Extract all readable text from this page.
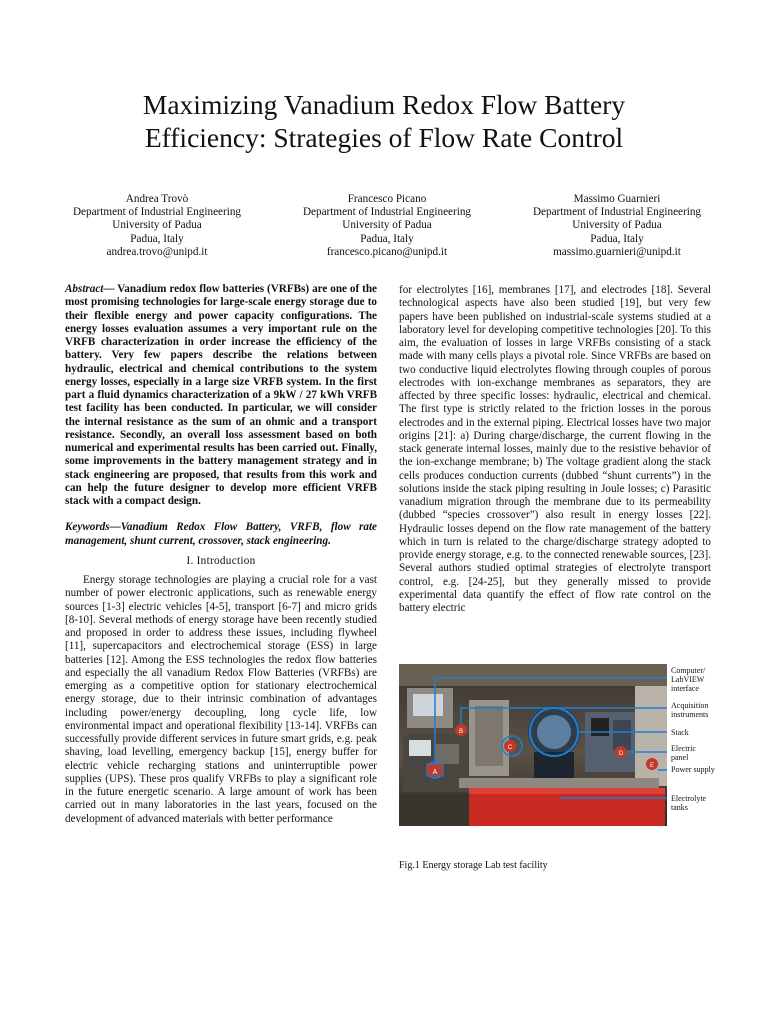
Maximizing Vanadium Redox Flow Battery
Efficiency: Strategies of Flow Rate Control
Andrea Trovò
Department of Industrial Engineering
University of Padua
Padua, Italy
andrea.trovo@unipd.it
Francesco Picano
Department of Industrial Engineering
University of Padua
Padua, Italy
francesco.picano@unipd.it
Massimo Guarnieri
Department of Industrial Engineering
University of Padua
Padua, Italy
massimo.guarnieri@unipd.it

Abstract— Vanadium redox flow batteries (VRFBs) are one of the most promising technologies for large-scale energy storage due to their flexible energy and power capacity configurations. The energy losses evaluation assumes a very important rule on the VRFB characterization in order increase the efficiency of the battery. Very few papers describe the relations between hydraulic, electrical and chemical contributions to the system energy losses, especially in a large size VRFB system. In the first part a fluid dynamics characterization of a 9kW / 27 kWh VRFB test facility has been conducted. In particular, we will consider the internal resistance as the sum of an ohmic and a transport resistance. Secondly, an overall loss assessment based on both numerical and experimental results has been carried out. Finally, some improvements in the battery management strategy and in stack engineering are proposed, that results from this work and can help the future designer to develop more efficient VRFB stack with a compact design.

Keywords—Vanadium Redox Flow Battery, VRFB, flow rate management, shunt current, crossover, stack engineering.

I. Introduction

Energy storage technologies are playing a crucial role for a vast number of power electronic applications, such as renewable energy sources [1-3] electric vehicles [4-5], transport [6-7] and micro grids [8-10]. Several methods of energy storage have been recently studied and proposed in order to address these issues, including flywheel [11], supercapacitors and electrochemical storage (ESS) in large batteries [12]. Among the ESS technologies the redox flow batteries and especially the all vanadium Redox Flow Batteries (VRFBs) are emerging as a competitive option for stationary electrochemical energy storage, due to their intrinsic combination of advantages including power/energy decoupling, long cycle life, low environmental impact and operational flexibility [13-14]. VRFBs can successfully provide different services in future smart grids, e.g. peak shaving, load levelling, emergency backup [15], energy buffer for electric vehicle recharging stations and uninterruptible power supplies (UPS). These pros qualify VRFBs to play a significant role in the future energetic scenario. A large amount of work has been carried out in many laboratories in the last years, focused on the development of advanced materials with better performance

for electrolytes [16], membranes [17], and electrodes [18]. Several technological aspects have also been studied [19], but very few papers have been published on industrial-scale systems studied at a laboratory level for developing competitive technologies [20]. To this aim, the evaluation of losses in large VRFBs consisting of a stack made with many cells plays a pivotal role. Since VRFBs are based on two conductive liquid electrolytes flowing through couples of porous electrodes with ion-exchange membranes as separators, they are affected by three specific losses: hydraulic, electrical and chemical. The first type is strictly related to the friction losses in the porous electrodes and in the external piping. Electrical losses have two major origins [21]: a) During charge/discharge, the current flowing in the stack generate internal losses, mainly due to the resistive behavior of the ion-exchange membrane; b) The voltage gradient along the stack cells produces conduction currents (dubbed “shunt currents”) in the solutions inside the stack piping resulting in Joule losses; c) Parasitic vanadium migration through the membrane due to its permeability (dubbed “species crossover”) also result in energy losses [22]. Hydraulic losses depend on the flow rate management of the battery which in turn is related to the charge/discharge strategy adopted to provide energy storage, e.g. to the connected renewable sources, [23]. Several authors studied optimal strategies of electrolyte transport control, e.g. [24-25], but they generally missed to provide experimental data quantify the effect of flow rate control on the battery electric

A
B
C
D
E
Computer/ LabVIEW interface
Acquisition instruments
Stack
Electric panel
Power supply
Electrolyte tanks
Fig.1 Energy storage Lab test facility
